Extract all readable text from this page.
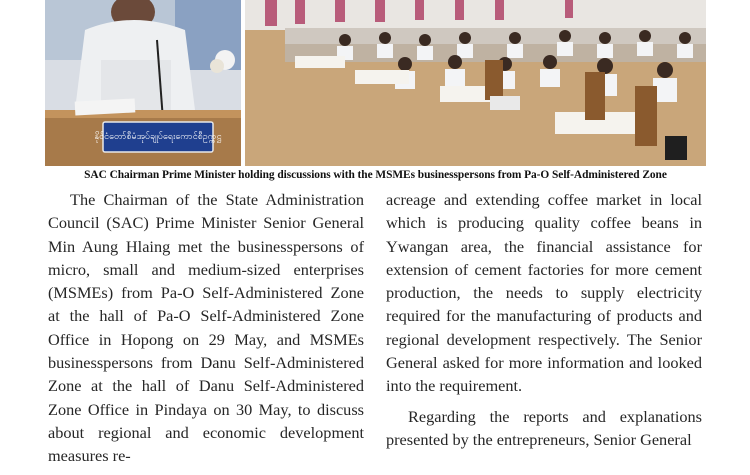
နိုင်ငံတော်စီမံအုပ်ချုပ်ရေးကောင်စီဥက္ကဋ္ဌ
SAC Chairman Prime Minister holding discussions with the MSMEs businesspersons from Pa-O Self-Administered Zone

The Chairman of the State Administration Council (SAC) Prime Minister Senior General Min Aung Hlaing met the businesspersons of micro, small and medium-sized enterprises (MSMEs) from Pa-O Self-Administered Zone at the hall of Pa-O Self-Administered Zone Office in Hopong on 29 May, and MSMEs businesspersons from Danu Self-Administered Zone at the hall of Danu Self-Administered Zone Office in Pindaya on 30 May, to discuss about regional and economic development measures re-

acreage and extending coffee market in local which is producing quality coffee beans in Ywangan area, the financial assistance for extension of cement factories for more cement production, the needs to supply electricity required for the manufacturing of products and regional development respectively. The Senior General asked for more information and looked into the requirement.

Regarding the reports and explanations presented by the entrepreneurs, Senior General
